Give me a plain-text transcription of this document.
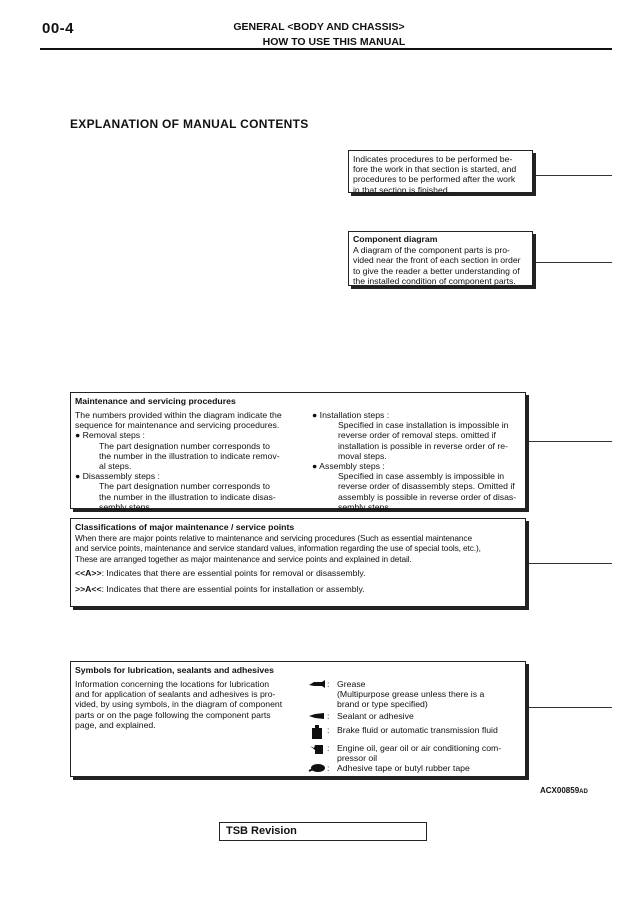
00-4	GENERAL <BODY AND CHASSIS>
HOW TO USE THIS MANUAL
EXPLANATION OF MANUAL CONTENTS
Indicates procedures to be performed be-
fore the work in that section is started, and
procedures to be performed after the work
in that section is finished.
Component diagram
A diagram of the component parts is pro-
vided near the front of each section in order
to give the reader a better understanding of
the installed condition of component parts.
Maintenance and servicing procedures
The numbers provided within the diagram indicate the
sequence for maintenance and servicing procedures.
● Removal steps :
The part designation number corresponds to
the number in the illustration to indicate remov-
al steps.
● Disassembly steps :
The part designation number corresponds to
the number in the illustration to indicate disas-
sembly steps.
● Installation steps :
Specified in case installation is impossible in
reverse order of removal steps. omitted if
installation is possible in reverse order of re-
moval steps.
● Assembly steps :
Specified in case assembly is impossible in
reverse order of disassembly steps. Omitted if
assembly is possible in reverse order of disas-
sembly steps.
Classifications of major maintenance / service points
When there are major points relative to maintenance and servicing procedures (Such as essential maintenance
and service points, maintenance and service standard values, information regarding the use of special tools, etc.),
These are arranged together as major maintenance and service points and explained in detail.
<<A>>: Indicates that there are essential points for removal or disassembly.
>>A<<: Indicates that there are essential points for installation or assembly.
Symbols for lubrication, sealants and adhesives
Information concerning the locations for lubrication
and for application of sealants and adhesives is pro-
vided, by using symbols, in the diagram of component
parts or on the page following the component parts
page, and explained.
: Grease
(Multipurpose grease unless there is a
brand or type specified)
: Sealant or adhesive
: Brake fluid or automatic transmission fluid
: Engine oil, gear oil or air conditioning com-
pressor oil
: Adhesive tape or butyl rubber tape
ACX00859AD
TSB Revision
